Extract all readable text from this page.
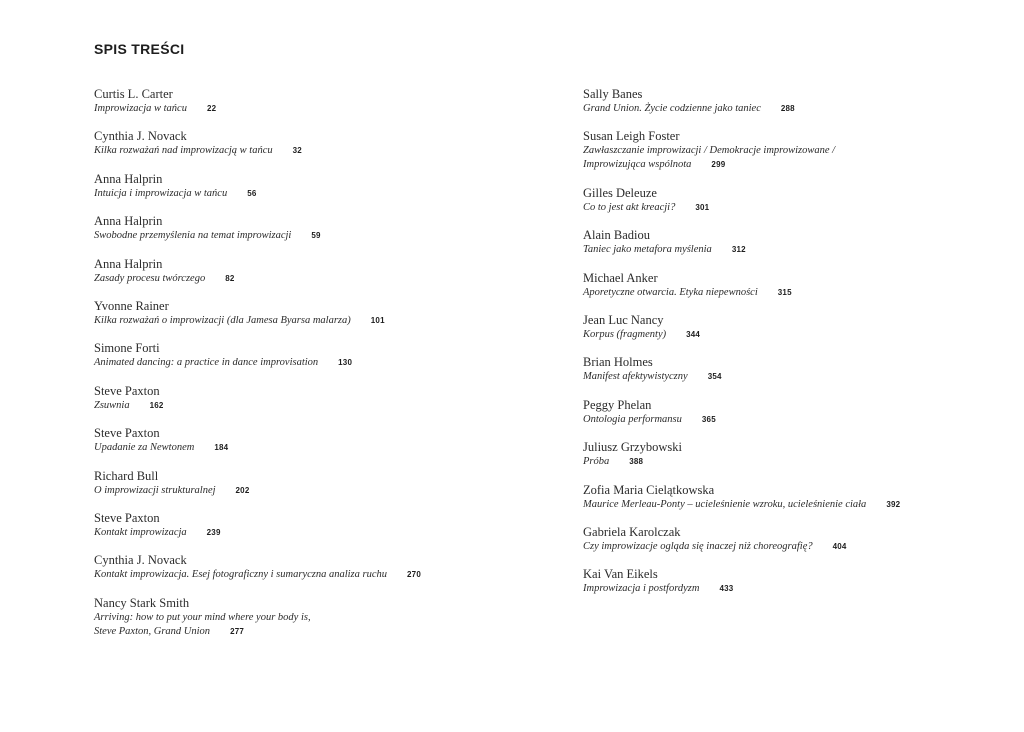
SPIS TREŚCI
Curtis L. Carter
Improwizacja w tańcu	22
Cynthia J. Novack
Kilka rozważań nad improwizacją w tańcu	32
Anna Halprin
Intuicja i improwizacja w tańcu	56
Anna Halprin
Swobodne przemyślenia na temat improwizacji	59
Anna Halprin
Zasady procesu twórczego	82
Yvonne Rainer
Kilka rozważań o improwizacji (dla Jamesa Byarsa malarza)	101
Simone Forti
Animated dancing: a practice in dance improvisation	130
Steve Paxton
Zsuwnia	162
Steve Paxton
Upadanie za Newtonem	184
Richard Bull
O improwizacji strukturalnej	202
Steve Paxton
Kontakt improwizacja	239
Cynthia J. Novack
Kontakt improwizacja. Esej fotograficzny i sumaryczna analiza ruchu	270
Nancy Stark Smith
Arriving: how to put your mind where your body is,
Steve Paxton, Grand Union	277
Sally Banes
Grand Union. Życie codzienne jako taniec	288
Susan Leigh Foster
Zawłaszczanie improwizacji / Demokracje improwizowane /
Improwizująca wspólnota	299
Gilles Deleuze
Co to jest akt kreacji?	301
Alain Badiou
Taniec jako metafora myślenia	312
Michael Anker
Aporetyczne otwarcia. Etyka niepewności	315
Jean Luc Nancy
Korpus (fragmenty)	344
Brian Holmes
Manifest afektywistyczny	354
Peggy Phelan
Ontologia performansu	365
Juliusz Grzybowski
Próba	388
Zofia Maria Cielątkowska
Maurice Merleau-Ponty – ucieleśnienie wzroku, ucieleśnienie ciała	392
Gabriela Karolczak
Czy improwizacje ogląda się inaczej niż choreografię?	404
Kai Van Eikels
Improwizacja i postfordyzm	433
